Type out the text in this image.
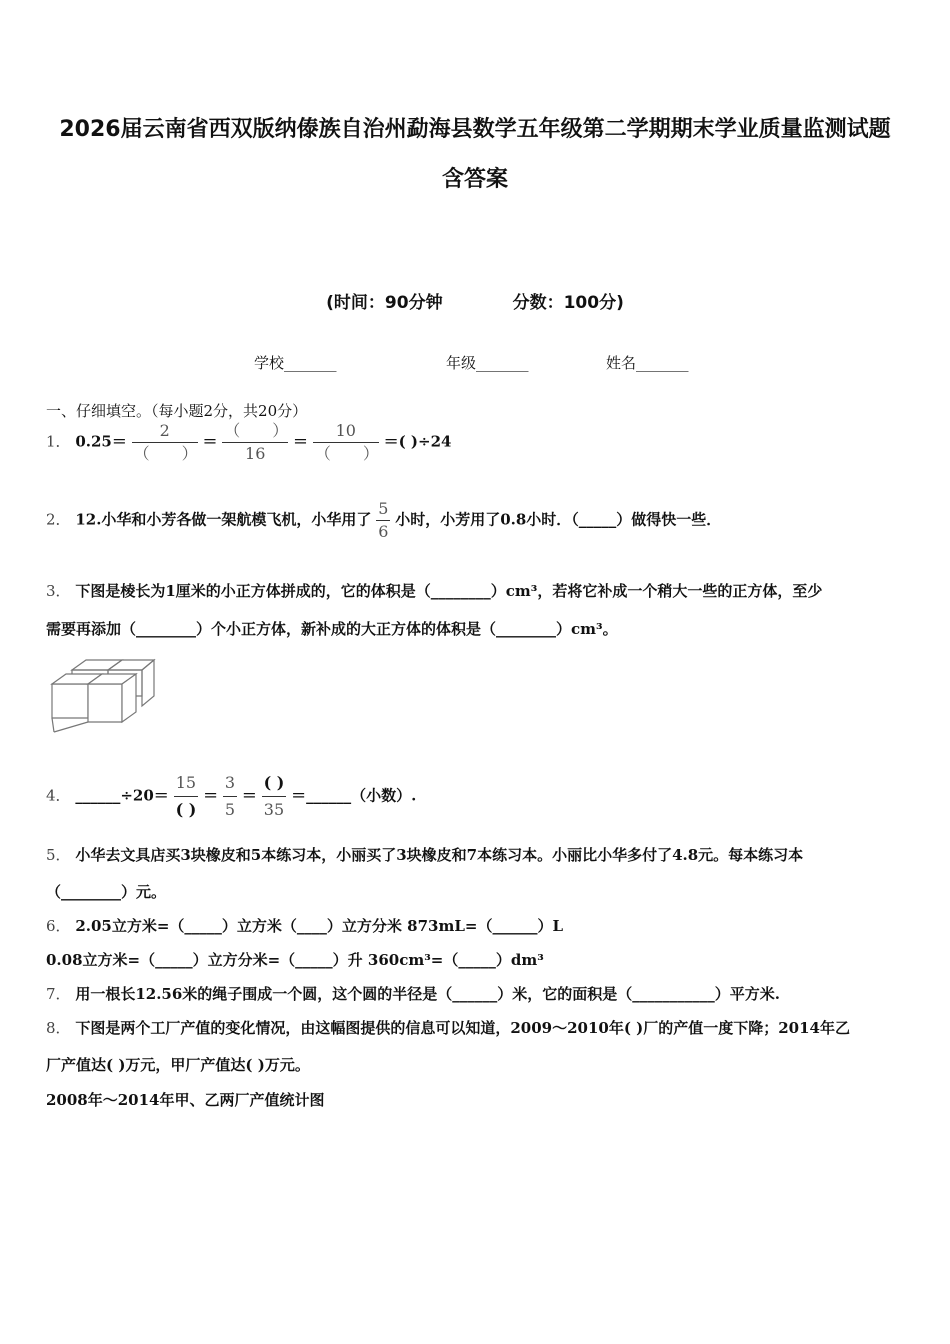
2026届云南省西双版纳傣族自治州勐海县数学五年级第二学期期末学业质量监测试题
含答案
(时间：90分钟	分数：100分)
学校_______	年级_______	姓名_______
一、仔细填空。（每小题2分，共20分）
1． $0.25= \frac{2}{( )} = \frac{( )}{16} = \frac{10}{( )}$ ＝( )÷24
2． 12.小华和小芳各做一架航模飞机，小华用了 $\frac{5}{6}$ 小时，小芳用了0.8小时．（_____）做得快一些．
3． 下图是棱长为1厘米的小正方体拼成的，它的体积是（________）cm³，若将它补成一个稍大一些的正方体，至少
需要再添加（________）个小正方体，新补成的大正方体的体积是（________）cm³。
4． ______÷20＝ $\frac{15}{( )} = \frac{3}{5} = \frac{( )}{35}$ ＝______（小数）.
5． 小华去文具店买3块橡皮和5本练习本，小丽买了3块橡皮和7本练习本。小丽比小华多付了4.8元。每本练习本
（________）元。
6． 2.05立方米=（_____）立方米（____）立方分米 873mL=（______）L
0.08立方米=（_____）立方分米=（_____）升 360cm³=（_____）dm³
7． 用一根长12.56米的绳子围成一个圆，这个圆的半径是（______）米，它的面积是（___________）平方米.
8． 下图是两个工厂产值的变化情况，由这幅图提供的信息可以知道，2009～2010年( )厂的产值一度下降；2014年乙
厂产值达( )万元，甲厂产值达( )万元。
2008年～2014年甲、乙两厂产值统计图
